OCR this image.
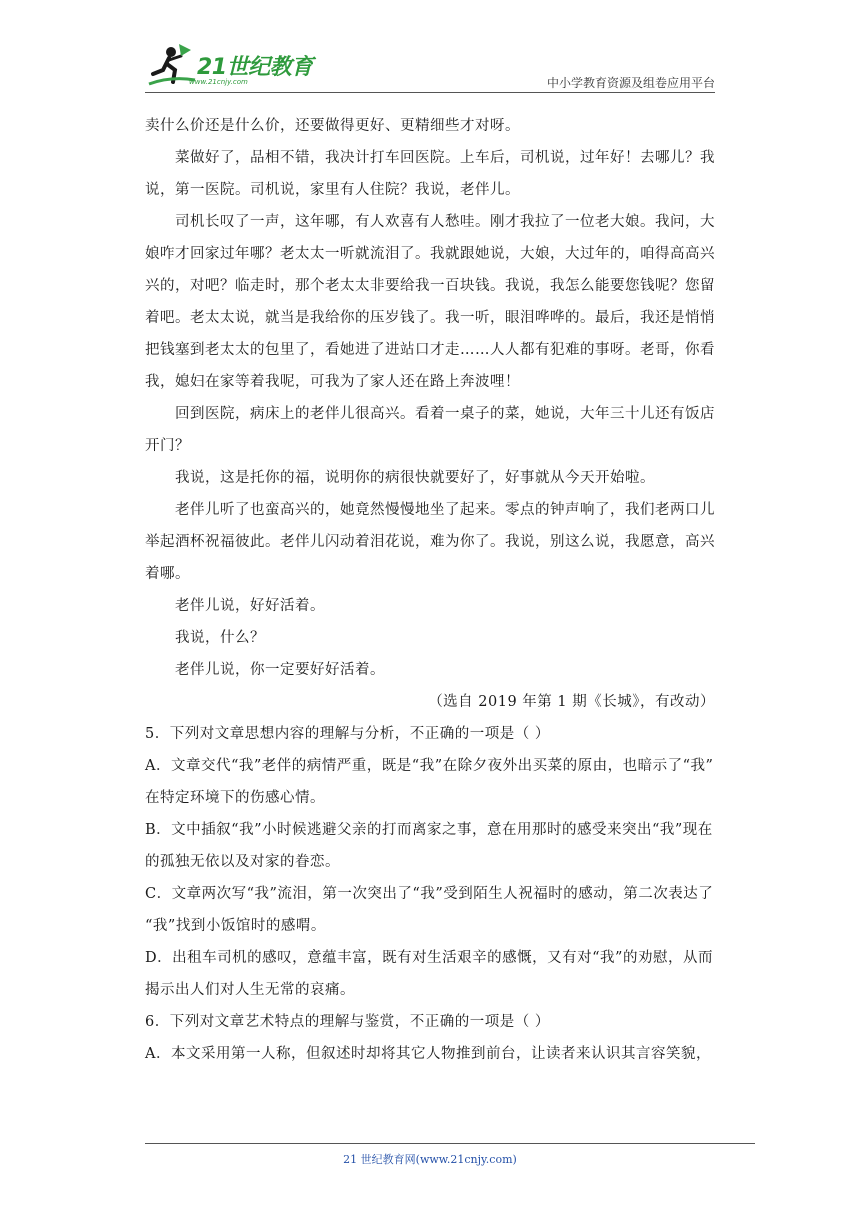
21世纪教育
www.21cnjy.com	中小学教育资源及组卷应用平台
卖什么价还是什么价，还要做得更好、更精细些才对呀。
菜做好了，品相不错，我决计打车回医院。上车后，司机说，过年好！去哪儿？我
说，第一医院。司机说，家里有人住院？我说，老伴儿。
司机长叹了一声，这年哪，有人欢喜有人愁哇。刚才我拉了一位老大娘。我问，大
娘咋才回家过年哪？老太太一听就流泪了。我就跟她说，大娘，大过年的，咱得高高兴
兴的，对吧？临走时，那个老太太非要给我一百块钱。我说，我怎么能要您钱呢？您留
着吧。老太太说，就当是我给你的压岁钱了。我一听，眼泪哗哗的。最后，我还是悄悄
把钱塞到老太太的包里了，看她进了进站口才走……人人都有犯难的事呀。老哥，你看
我，媳妇在家等着我呢，可我为了家人还在路上奔波哩！
回到医院，病床上的老伴儿很高兴。看着一桌子的菜，她说，大年三十儿还有饭店
开门？
我说，这是托你的福，说明你的病很快就要好了，好事就从今天开始啦。
老伴儿听了也蛮高兴的，她竟然慢慢地坐了起来。零点的钟声响了，我们老两口儿
举起酒杯祝福彼此。老伴儿闪动着泪花说，难为你了。我说，别这么说，我愿意，高兴
着哪。
老伴儿说，好好活着。
我说，什么？
老伴儿说，你一定要好好活着。
（选自 2019 年第 1 期《长城》，有改动）
5．下列对文章思想内容的理解与分析，不正确的一项是（ ）
A．文章交代“我”老伴的病情严重，既是“我”在除夕夜外出买菜的原由，也暗示了“我”
在特定环境下的伤感心情。
B．文中插叙“我”小时候逃避父亲的打而离家之事，意在用那时的感受来突出“我”现在
的孤独无依以及对家的眷恋。
C．文章两次写“我”流泪，第一次突出了“我”受到陌生人祝福时的感动，第二次表达了
“我”找到小饭馆时的感喟。
D．出租车司机的感叹，意蕴丰富，既有对生活艰辛的感慨，又有对“我”的劝慰，从而
揭示出人们对人生无常的哀痛。
6．下列对文章艺术特点的理解与鉴赏，不正确的一项是（ ）
A．本文采用第一人称，但叙述时却将其它人物推到前台，让读者来认识其言容笑貌，
21 世纪教育网(www.21cnjy.com)
